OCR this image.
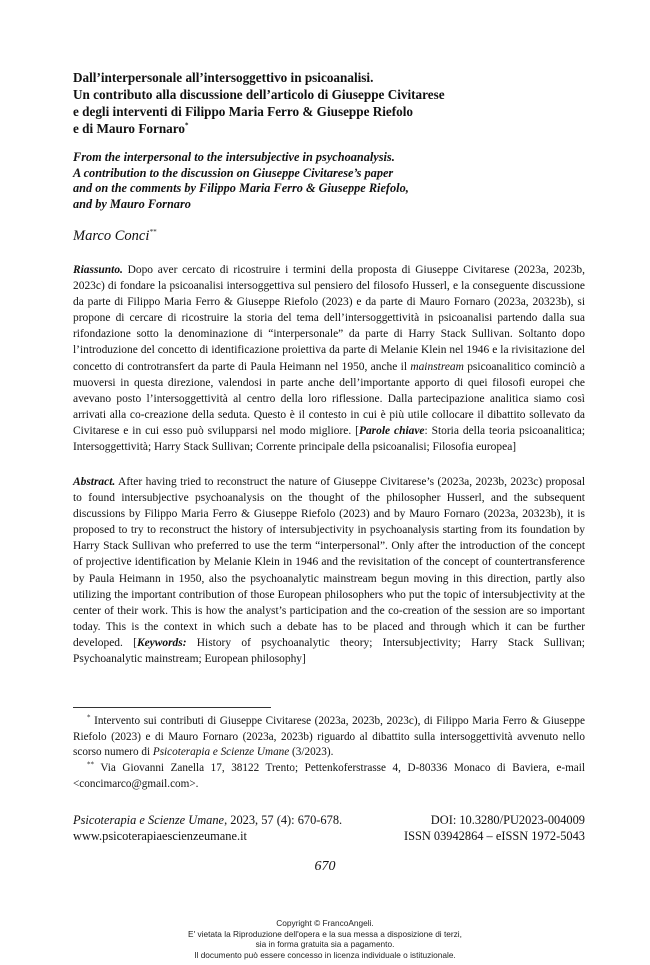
Dall’interpersonale all’intersoggettivo in psicoanalisi.
Un contributo alla discussione dell’articolo di Giuseppe Civitarese
e degli interventi di Filippo Maria Ferro & Giuseppe Riefolo
e di Mauro Fornaro*
From the interpersonal to the intersubjective in psychoanalysis.
A contribution to the discussion on Giuseppe Civitarese’s paper
and on the comments by Filippo Maria Ferro & Giuseppe Riefolo,
and by Mauro Fornaro
Marco Conci**

Riassunto. Dopo aver cercato di ricostruire i termini della proposta di Giuseppe Civitarese (2023a, 2023b, 2023c) di fondare la psicoanalisi intersoggettiva sul pensiero del filosofo Husserl, e la conseguente discussione da parte di Filippo Maria Ferro & Giuseppe Riefolo (2023) e da parte di Mauro Fornaro (2023a, 20323b), si propone di cercare di ricostruire la storia del tema dell’intersoggettività in psicoanalisi partendo dalla sua rifondazione sotto la denominazione di “interpersonale” da parte di Harry Stack Sullivan. Soltanto dopo l’introduzione del concetto di identificazione proiettiva da parte di Melanie Klein nel 1946 e la rivisitazione del concetto di controtransfert da parte di Paula Heimann nel 1950, anche il mainstream psicoanalitico cominciò a muoversi in questa direzione, valendosi in parte anche dell’importante apporto di quei filosofi europei che avevano posto l’intersoggettività al centro della loro riflessione. Dalla partecipazione analitica siamo così arrivati alla co-creazione della seduta. Questo è il contesto in cui è più utile collocare il dibattito sollevato da Civitarese e in cui esso può svilupparsi nel modo migliore. [Parole chiave: Storia della teoria psicoanalitica; Intersoggettività; Harry Stack Sullivan; Corrente principale della psicoanalisi; Filosofia europea]

Abstract. After having tried to reconstruct the nature of Giuseppe Civitarese’s (2023a, 2023b, 2023c) proposal to found intersubjective psychoanalysis on the thought of the philosopher Husserl, and the subsequent discussions by Filippo Maria Ferro & Giuseppe Riefolo (2023) and by Mauro Fornaro (2023a, 20323b), it is proposed to try to reconstruct the history of intersubjectivity in psychoanalysis starting from its foundation by Harry Stack Sullivan who preferred to use the term “interpersonal”. Only after the introduction of the concept of projective identification by Melanie Klein in 1946 and the revisitation of the concept of countertransference by Paula Heimann in 1950, also the psychoanalytic mainstream begun moving in this direction, partly also utilizing the important contribution of those European philosophers who put the topic of intersubjectivity at the center of their work. This is how the analyst’s participation and the co-creation of the session are so important today. This is the context in which such a debate has to be placed and through which it can be further developed. [Keywords: History of psychoanalytic theory; Intersubjectivity; Harry Stack Sullivan; Psychoanalytic mainstream; European philosophy]

* Intervento sui contributi di Giuseppe Civitarese (2023a, 2023b, 2023c), di Filippo Maria Ferro & Giuseppe Riefolo (2023) e di Mauro Fornaro (2023a, 2023b) riguardo al dibattito sulla intersoggettività avvenuto nello scorso numero di Psicoterapia e Scienze Umane (3/2023).

** Via Giovanni Zanella 17, 38122 Trento; Pettenkoferstrasse 4, D-80336 Monaco di Baviera, e-mail <concimarco@gmail.com>.

Psicoterapia e Scienze Umane, 2023, 57 (4): 670-678.	DOI: 10.3280/PU2023-004009
www.psicoterapiaescienzeumane.it	ISSN 03942864 – eISSN 1972-5043
670
Copyright © FrancoAngeli.
E' vietata la Riproduzione dell'opera e la sua messa a disposizione di terzi,
sia in forma gratuita sia a pagamento.
Il documento può essere concesso in licenza individuale o istituzionale.
